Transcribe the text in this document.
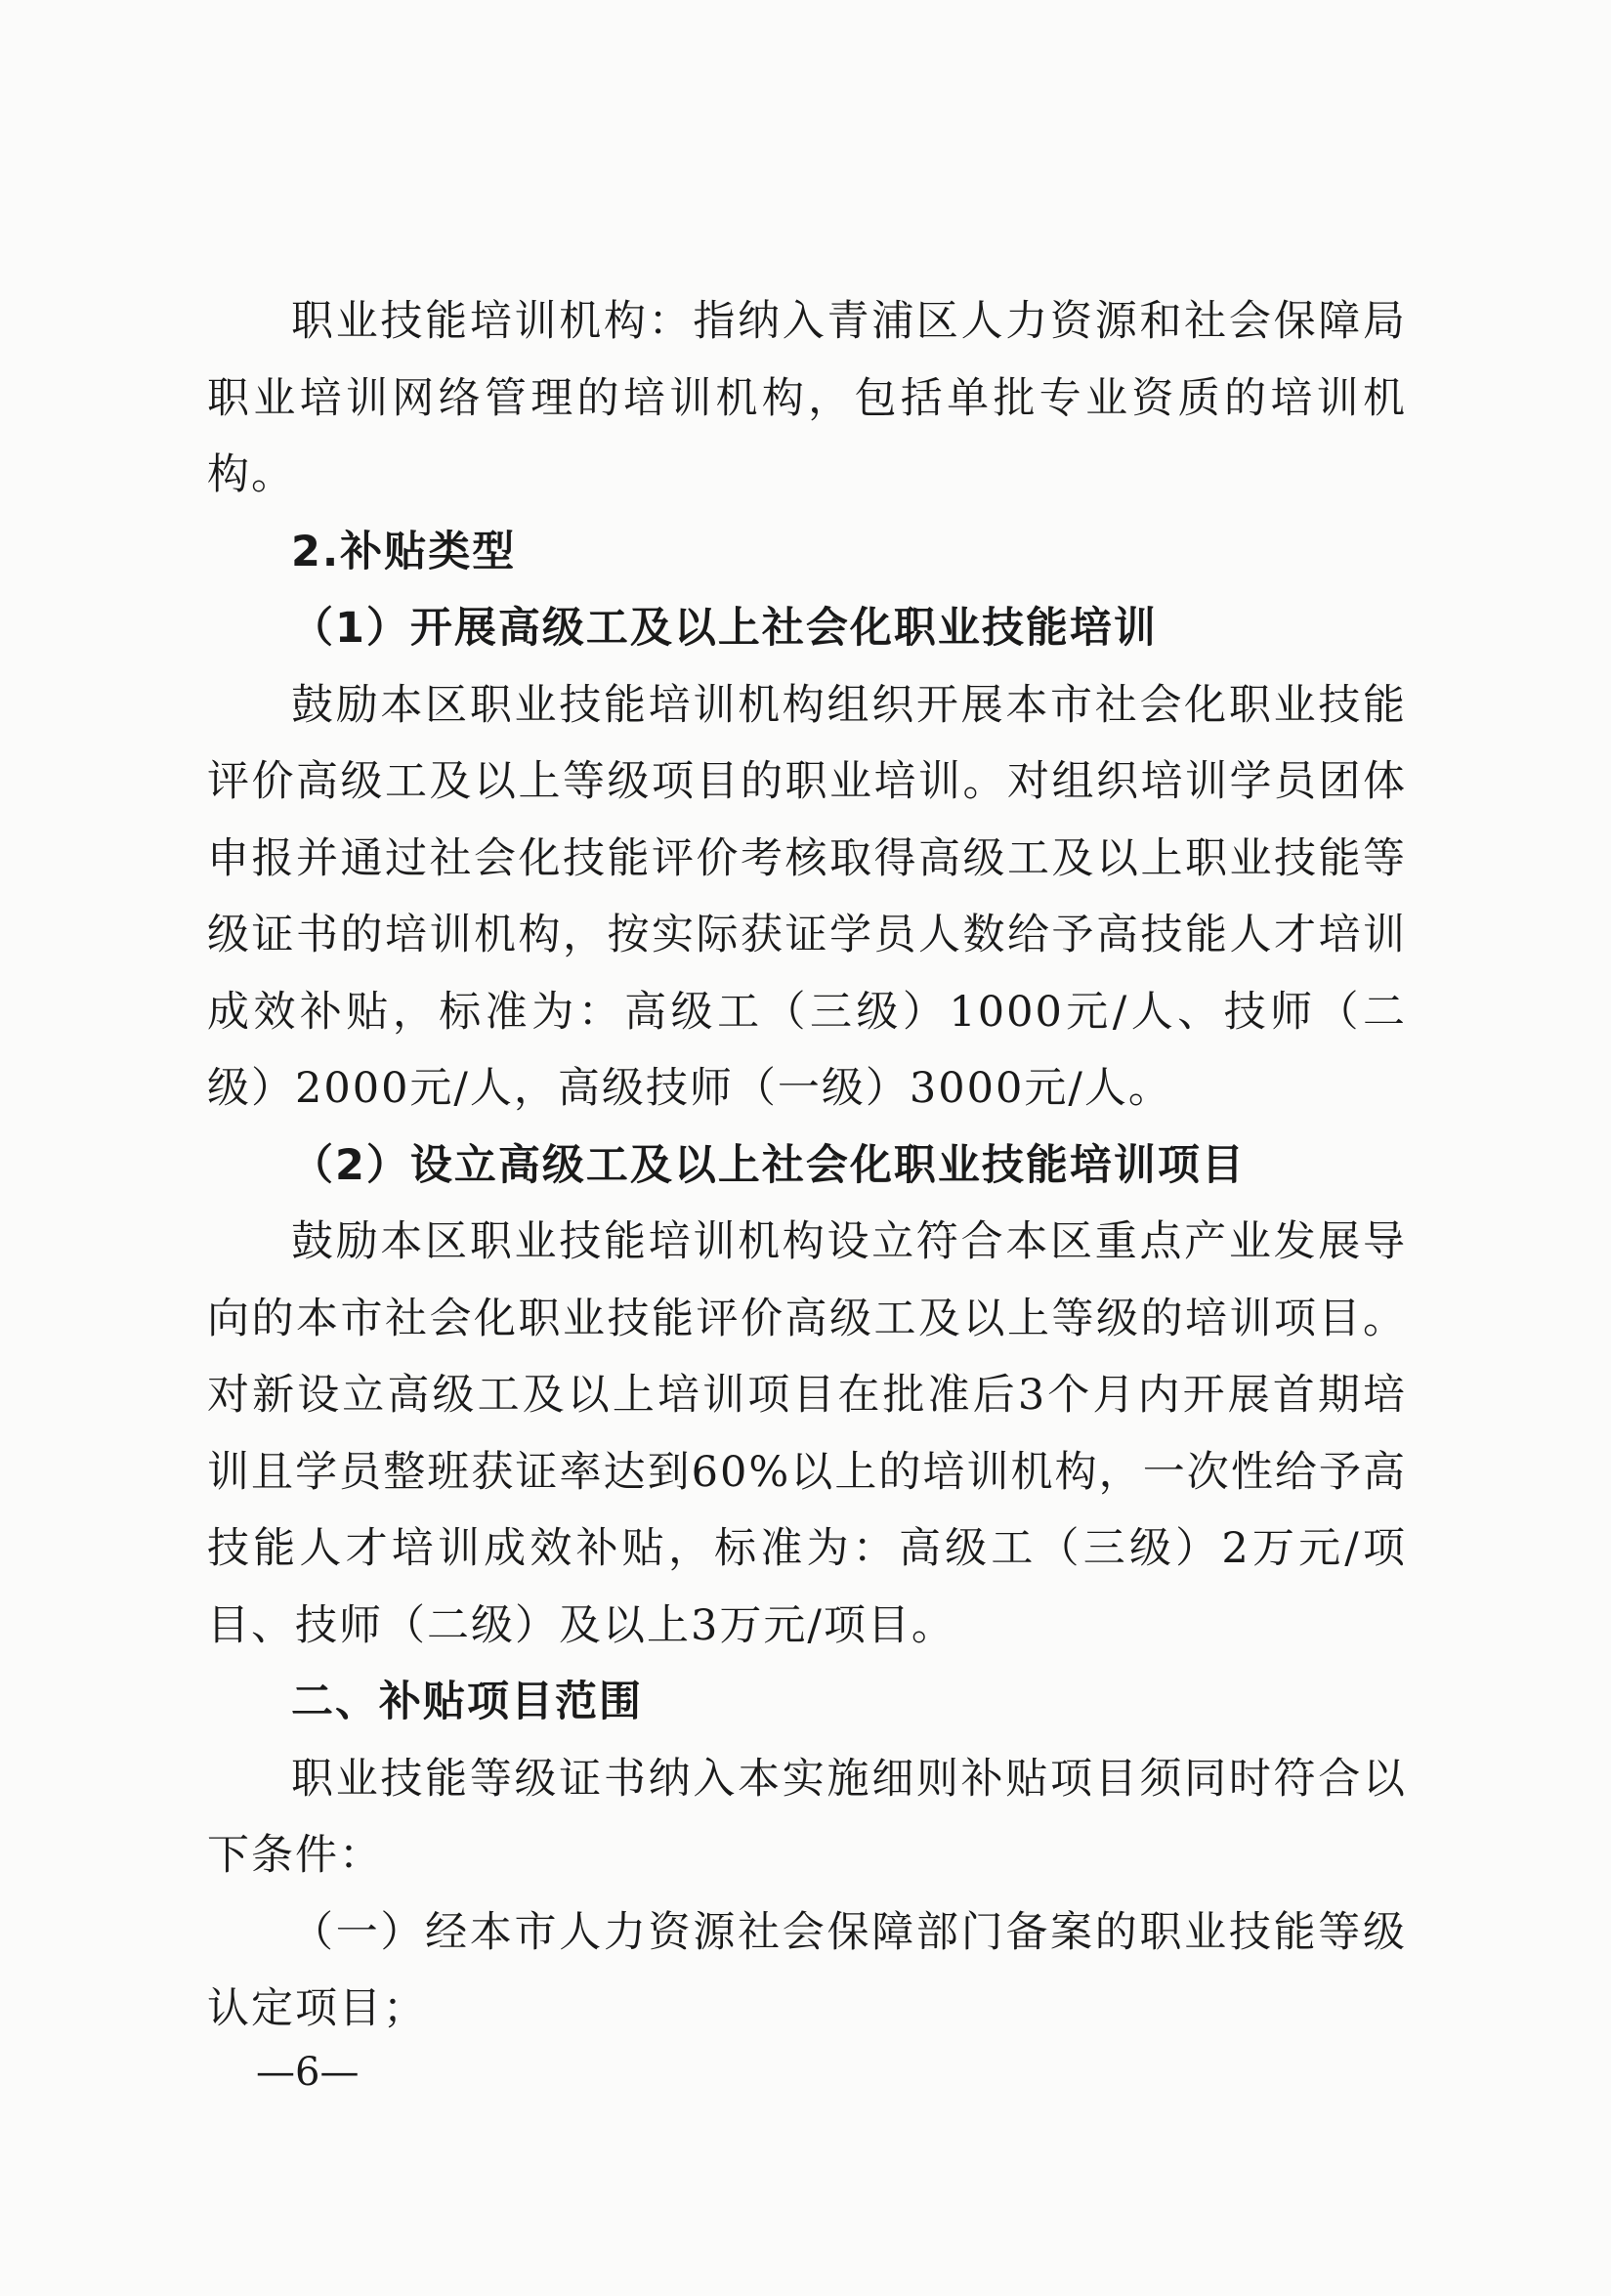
职业技能培训机构：指纳入青浦区人力资源和社会保障局职业培训网络管理的培训机构，包括单批专业资质的培训机构。

2.补贴类型

（1）开展高级工及以上社会化职业技能培训

鼓励本区职业技能培训机构组织开展本市社会化职业技能评价高级工及以上等级项目的职业培训。对组织培训学员团体申报并通过社会化技能评价考核取得高级工及以上职业技能等级证书的培训机构，按实际获证学员人数给予高技能人才培训成效补贴，标准为：高级工（三级）1000元/人、技师（二级）2000元/人，高级技师（一级）3000元/人。

（2）设立高级工及以上社会化职业技能培训项目

鼓励本区职业技能培训机构设立符合本区重点产业发展导向的本市社会化职业技能评价高级工及以上等级的培训项目。对新设立高级工及以上培训项目在批准后3个月内开展首期培训且学员整班获证率达到60%以上的培训机构，一次性给予高技能人才培训成效补贴，标准为：高级工（三级）2万元/项目、技师（二级）及以上3万元/项目。

二、补贴项目范围

职业技能等级证书纳入本实施细则补贴项目须同时符合以下条件：

（一）经本市人力资源社会保障部门备案的职业技能等级认定项目；

—6—
